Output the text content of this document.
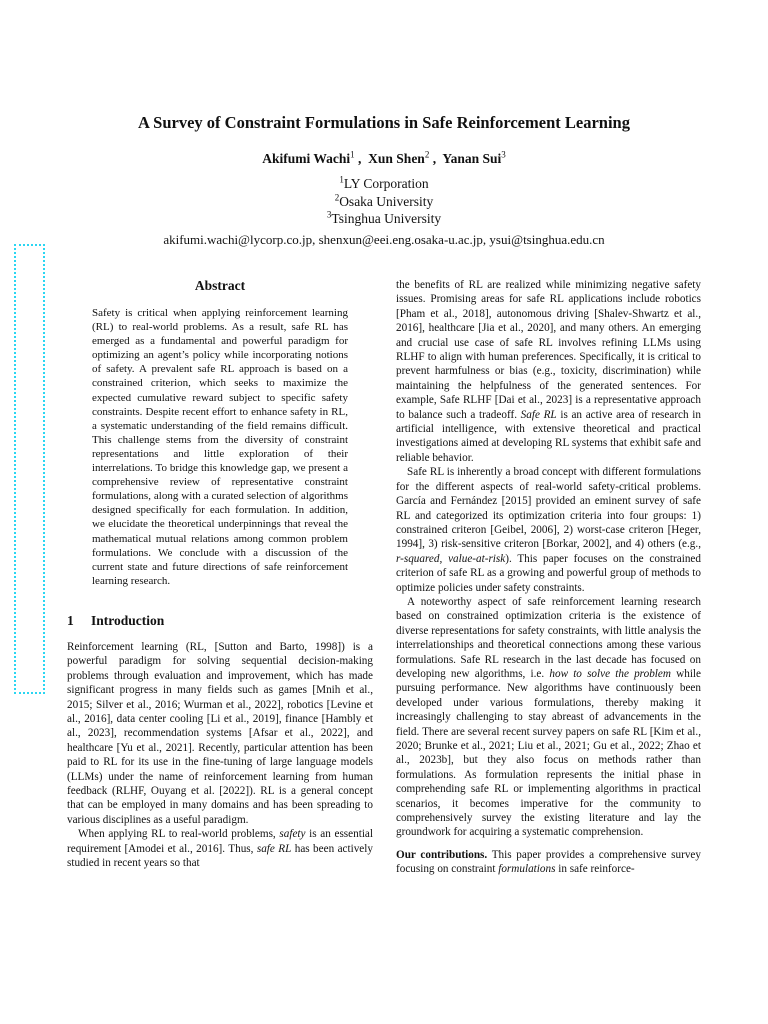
A Survey of Constraint Formulations in Safe Reinforcement Learning
Akifumi Wachi$^1$ ,  Xun Shen$^2$ ,  Yanan Sui$^3$
$^1$LY Corporation
$^2$Osaka University
$^3$Tsinghua University
akifumi.wachi@lycorp.co.jp, shenxun@eei.eng.osaka-u.ac.jp, ysui@tsinghua.edu.cn
Abstract

Safety is critical when applying reinforcement learning (RL) to real-world problems. As a result, safe RL has emerged as a fundamental and powerful paradigm for optimizing an agent’s policy while incorporating notions of safety. A prevalent safe RL approach is based on a constrained criterion, which seeks to maximize the expected cumulative reward subject to specific safety constraints. Despite recent effort to enhance safety in RL, a systematic understanding of the field remains difficult. This challenge stems from the diversity of constraint representations and little exploration of their interrelations. To bridge this knowledge gap, we present a comprehensive review of representative constraint formulations, along with a curated selection of algorithms designed specifically for each formulation. In addition, we elucidate the theoretical underpinnings that reveal the mathematical mutual relations among common problem formulations. We conclude with a discussion of the current state and future directions of safe reinforcement learning research.

1 Introduction

Reinforcement learning (RL, [Sutton and Barto, 1998]) is a powerful paradigm for solving sequential decision-making problems through evaluation and improvement, which has made significant progress in many fields such as games [Mnih et al., 2015; Silver et al., 2016; Wurman et al., 2022], robotics [Levine et al., 2016], data center cooling [Li et al., 2019], finance [Hambly et al., 2023], recommendation systems [Afsar et al., 2022], and healthcare [Yu et al., 2021]. Recently, particular attention has been paid to RL for its use in the fine-tuning of large language models (LLMs) under the name of reinforcement learning from human feedback (RLHF, Ouyang et al. [2022]). RL is a general concept that can be employed in many domains and has been spreading to various disciplines as a useful paradigm.

When applying RL to real-world problems, safety is an essential requirement [Amodei et al., 2016]. Thus, safe RL has been actively studied in recent years so that

the benefits of RL are realized while minimizing negative safety issues. Promising areas for safe RL applications include robotics [Pham et al., 2018], autonomous driving [Shalev-Shwartz et al., 2016], healthcare [Jia et al., 2020], and many others. An emerging and crucial use case of safe RL involves refining LLMs using RLHF to align with human preferences. Specifically, it is critical to prevent harmfulness or bias (e.g., toxicity, discrimination) while maintaining the helpfulness of the generated sentences. For example, Safe RLHF [Dai et al., 2023] is a representative approach to balance such a tradeoff. Safe RL is an active area of research in artificial intelligence, with extensive theoretical and practical investigations aimed at developing RL systems that exhibit safe and reliable behavior.

Safe RL is inherently a broad concept with different formulations for the different aspects of real-world safety-critical problems. García and Fernández [2015] provided an eminent survey of safe RL and categorized its optimization criteria into four groups: 1) constrained criteron [Geibel, 2006], 2) worst-case criteron [Heger, 1994], 3) risk-sensitive criteron [Borkar, 2002], and 4) others (e.g., r-squared, value-at-risk). This paper focuses on the constrained criterion of safe RL as a growing and powerful group of methods to optimize policies under safety constraints.

A noteworthy aspect of safe reinforcement learning research based on constrained optimization criteria is the existence of diverse representations for safety constraints, with little analysis the interrelationships and theoretical connections among these various formulations. Safe RL research in the last decade has focused on developing new algorithms, i.e. how to solve the problem while pursuing performance. New algorithms have continuously been developed under various formulations, thereby making it increasingly challenging to stay abreast of advancements in the field. There are several recent survey papers on safe RL [Kim et al., 2020; Brunke et al., 2021; Liu et al., 2021; Gu et al., 2022; Zhao et al., 2023b], but they also focus on methods rather than formulations. As formulation represents the initial phase in comprehending safe RL or implementing algorithms in practical scenarios, it becomes imperative for the community to comprehensively survey the existing literature and lay the groundwork for acquiring a systematic comprehension.

Our contributions. This paper provides a comprehensive survey focusing on constraint formulations in safe reinforce-
